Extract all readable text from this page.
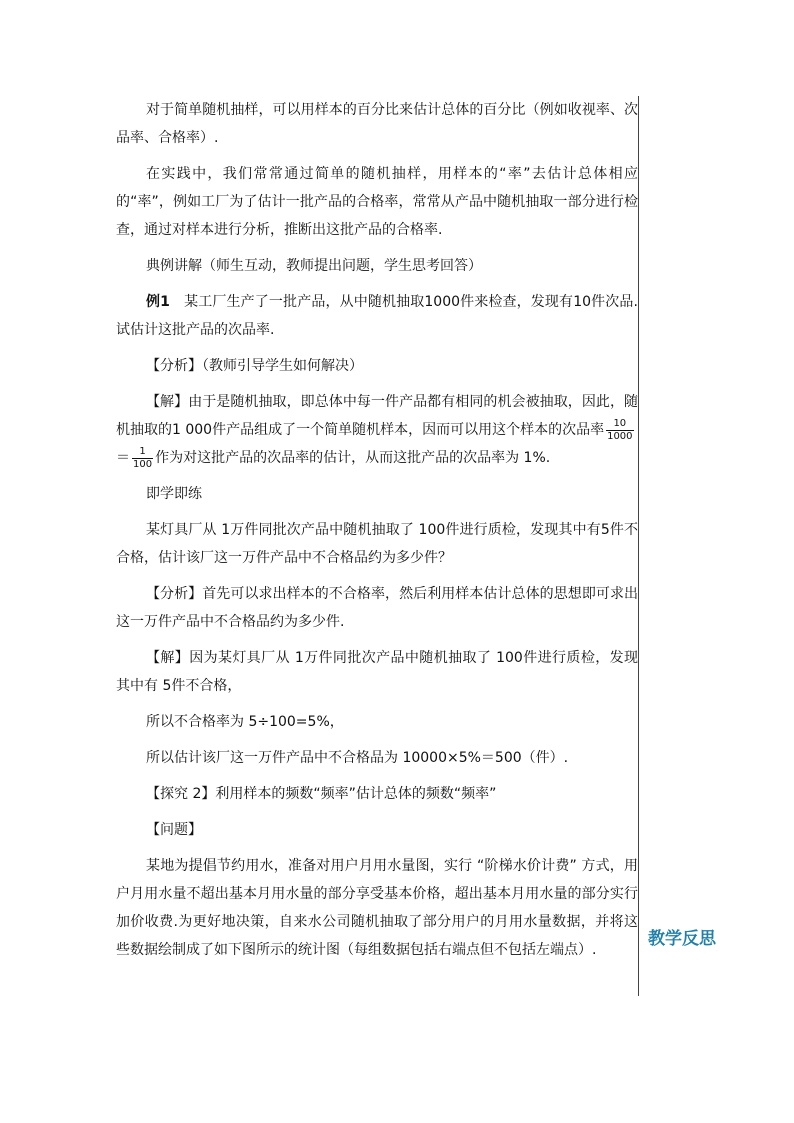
对于简单随机抽样，可以用样本的百分比来估计总体的百分比（例如收视率、次品率、合格率）.

在实践中，我们常常通过简单的随机抽样，用样本的“率”去估计总体相应的“率”，例如工厂为了估计一批产品的合格率，常常从产品中随机抽取一部分进行检查，通过对样本进行分析，推断出这批产品的合格率.

典例讲解（师生互动，教师提出问题，学生思考回答）

例1　某工厂生产了一批产品，从中随机抽取1000件来检查，发现有10件次品.试估计这批产品的次品率.

【分析】（教师引导学生如何解决）

【解】由于是随机抽取，即总体中每一件产品都有相同的机会被抽取，因此，随机抽取的1 000件产品组成了一个简单随机样本，因而可以用这个样本的次品率 $\frac{10}{1000}$

＝ $\frac{1}{100}$ 作为对这批产品的次品率的估计，从而这批产品的次品率为 1%.

即学即练

某灯具厂从 1万件同批次产品中随机抽取了 100件进行质检，发现其中有5件不合格，估计该厂这一万件产品中不合格品约为多少件？

【分析】首先可以求出样本的不合格率，然后利用样本估计总体的思想即可求出这一万件产品中不合格品约为多少件.

【解】因为某灯具厂从 1万件同批次产品中随机抽取了 100件进行质检，发现其中有 5件不合格，

所以不合格率为 5÷100=5%，

所以估计该厂这一万件产品中不合格品为 10000×5%＝500（件）.

【探究 2】利用样本的频数“频率”估计总体的频数“频率”

【问题】

某地为提倡节约用水，准备对用户月用水量图，实行 “阶梯水价计费” 方式，用户月用水量不超出基本月用水量的部分享受基本价格，超出基本月用水量的部分实行加价收费.为更好地决策，自来水公司随机抽取了部分用户的月用水量数据，并将这些数据绘制成了如下图所示的统计图（每组数据包括右端点但不包括左端点）.

教学反思
